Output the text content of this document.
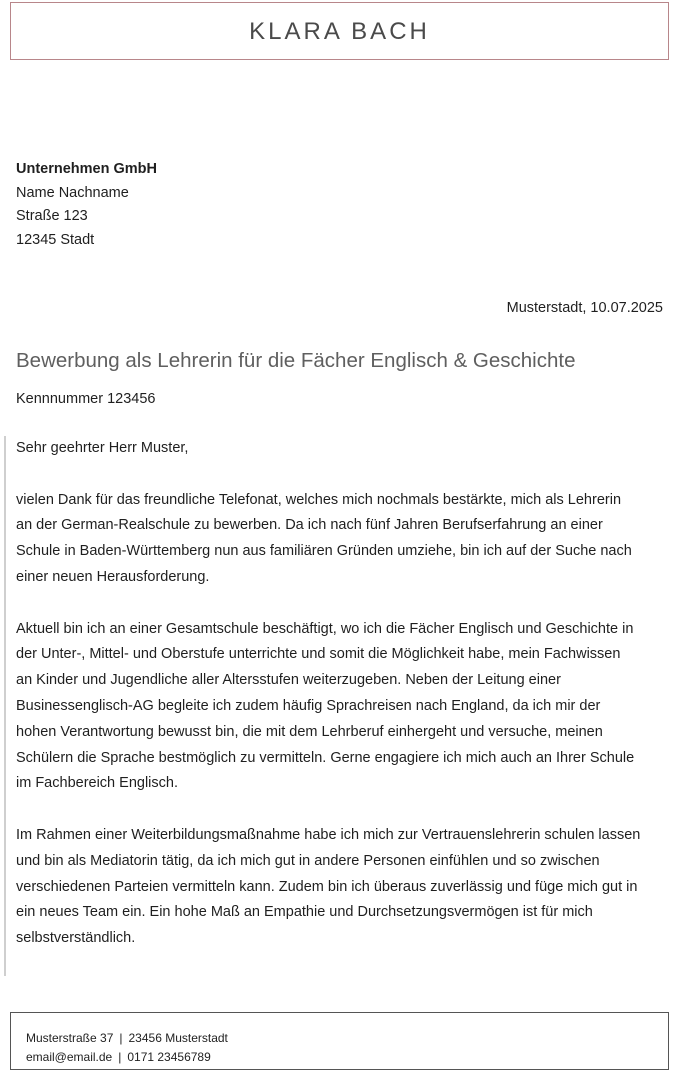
KLARA BACH
Unternehmen GmbH
Name Nachname
Straße 123
12345 Stadt
Musterstadt, 10.07.2025
Bewerbung als Lehrerin für die Fächer Englisch & Geschichte
Kennnummer 123456

Sehr geehrter Herr Muster,

vielen Dank für das freundliche Telefonat, welches mich nochmals bestärkte, mich als Lehrerin
an der German-Realschule zu bewerben. Da ich nach fünf Jahren Berufserfahrung an einer
Schule in Baden-Württemberg nun aus familiären Gründen umziehe, bin ich auf der Suche nach
einer neuen Herausforderung.

Aktuell bin ich an einer Gesamtschule beschäftigt, wo ich die Fächer Englisch und Geschichte in
der Unter-, Mittel- und Oberstufe unterrichte und somit die Möglichkeit habe, mein Fachwissen
an Kinder und Jugendliche aller Altersstufen weiterzugeben. Neben der Leitung einer
Businessenglisch-AG begleite ich zudem häufig Sprachreisen nach England, da ich mir der
hohen Verantwortung bewusst bin, die mit dem Lehrberuf einhergeht und versuche, meinen
Schülern die Sprache bestmöglich zu vermitteln. Gerne engagiere ich mich auch an Ihrer Schule
im Fachbereich Englisch.

Im Rahmen einer Weiterbildungsmaßnahme habe ich mich zur Vertrauenslehrerin schulen lassen
und bin als Mediatorin tätig, da ich mich gut in andere Personen einfühlen und so zwischen
verschiedenen Parteien vermitteln kann. Zudem bin ich überaus zuverlässig und füge mich gut in
ein neues Team ein. Ein hohe Maß an Empathie und Durchsetzungsvermögen ist für mich
selbstverständlich.

Musterstraße 37 | 23456 Musterstadt
email@email.de | 0171 23456789
